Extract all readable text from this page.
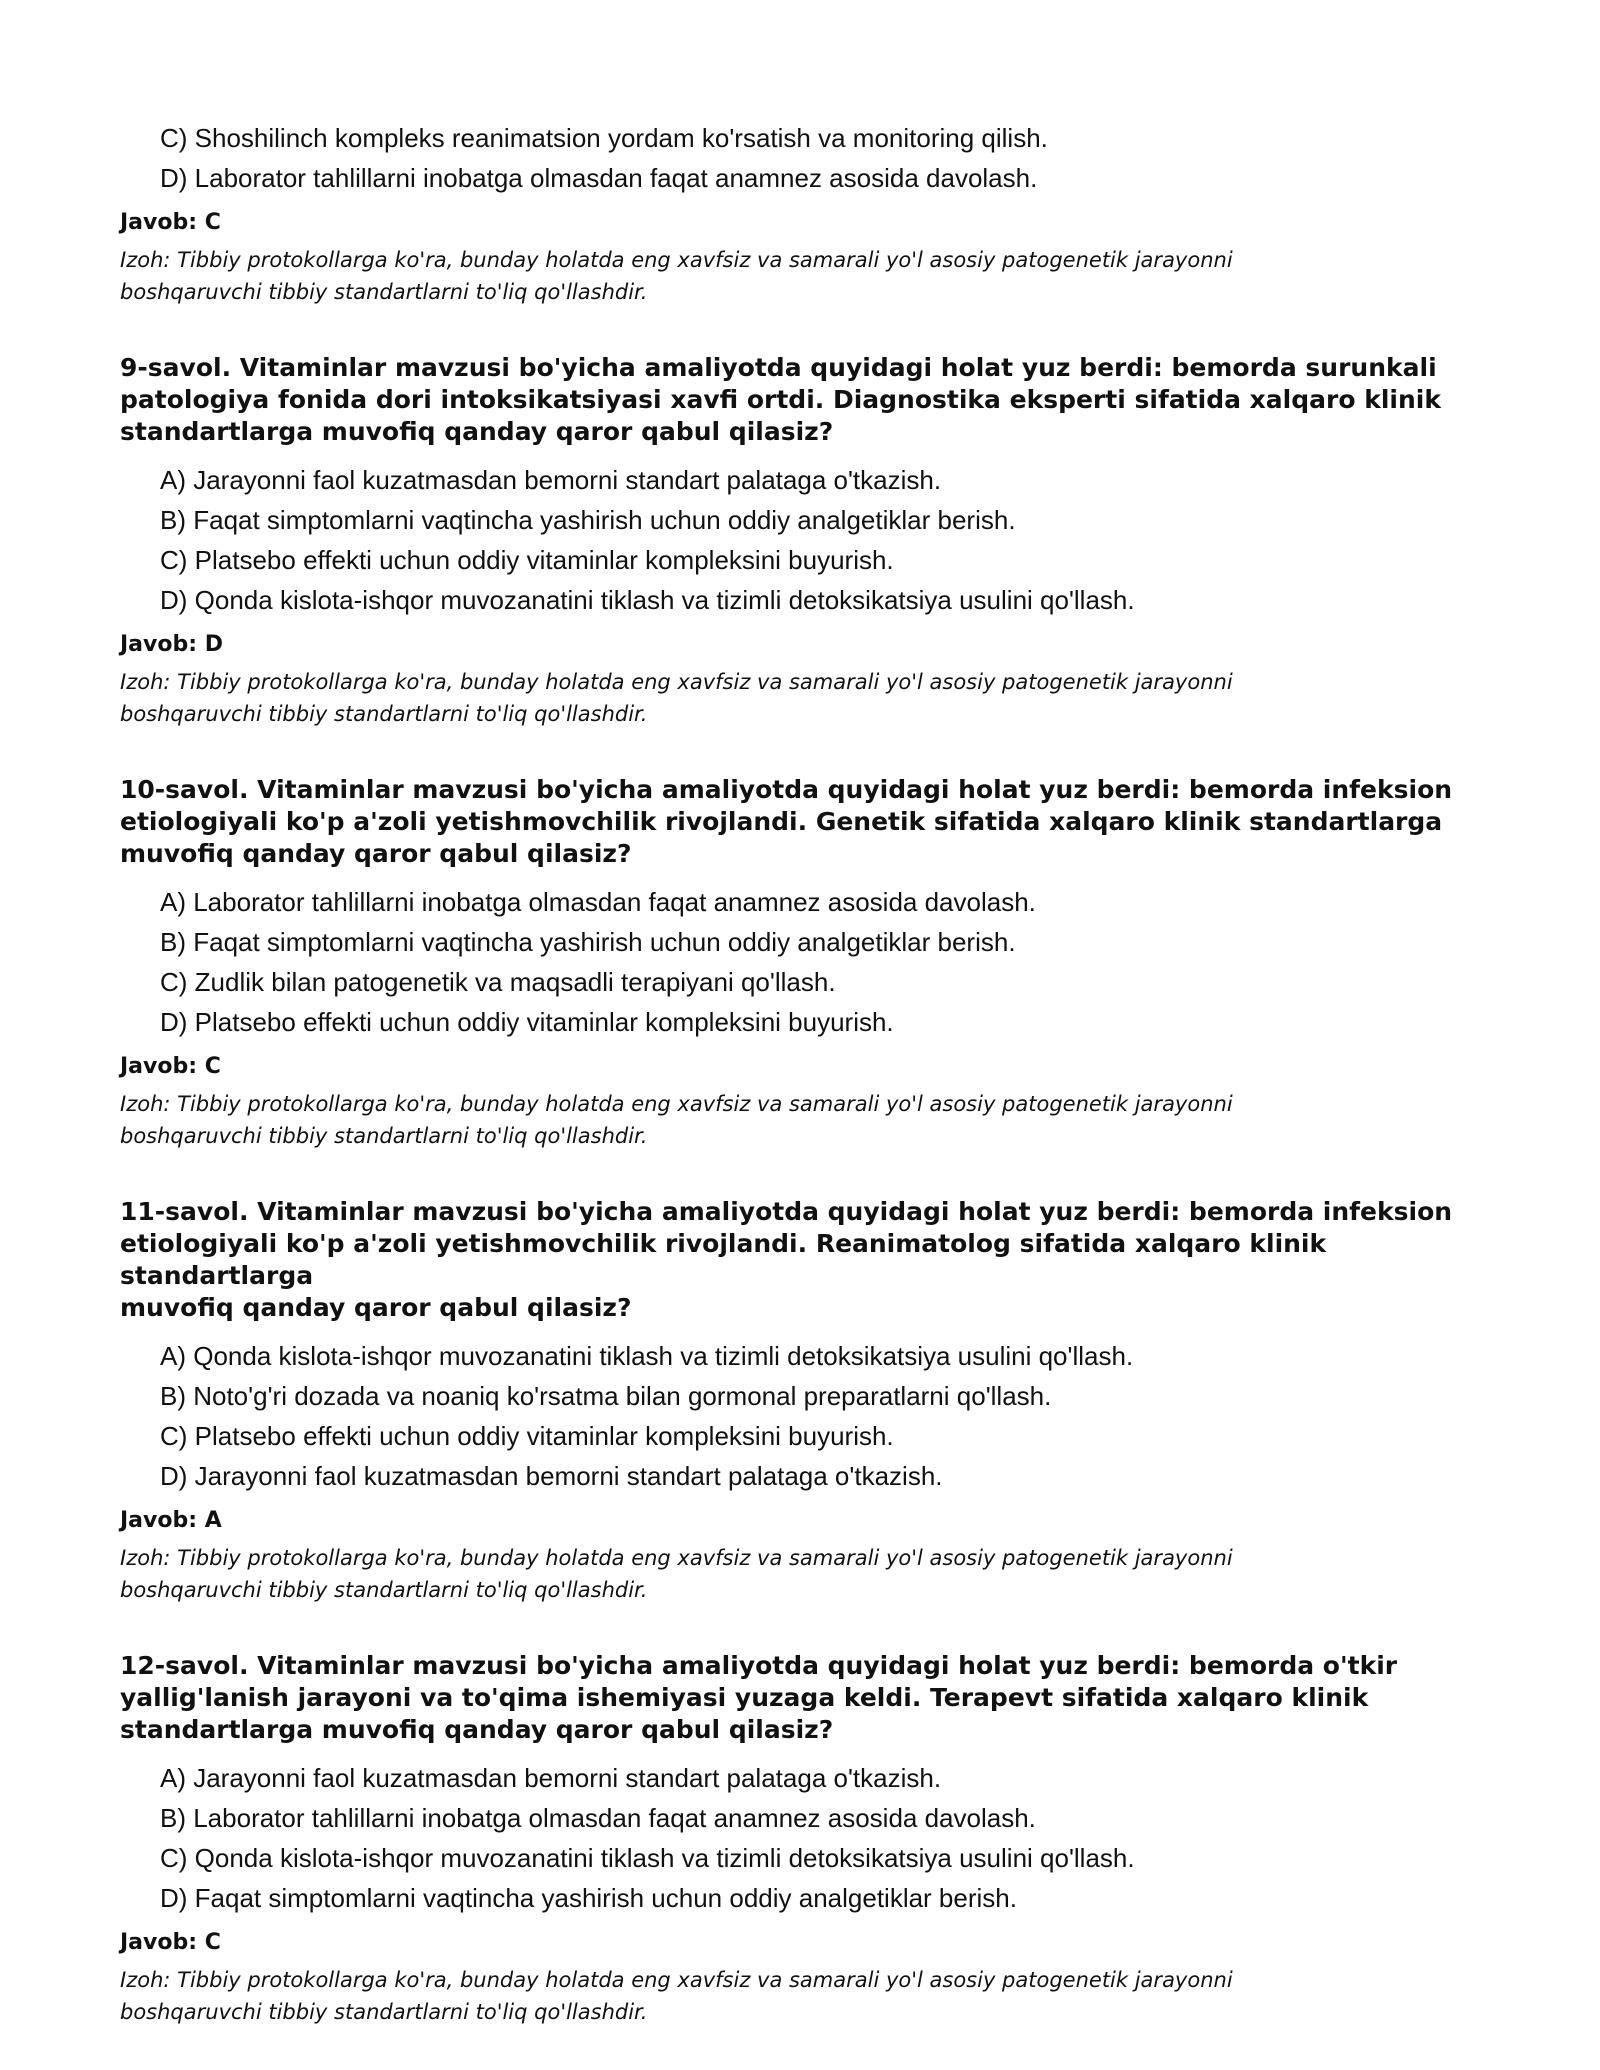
C) Shoshilinch kompleks reanimatsion yordam ko'rsatish va monitoring qilish.

D) Laborator tahlillarni inobatga olmasdan faqat anamnez asosida davolash.

Javob: C

Izoh: Tibbiy protokollarga ko'ra, bunday holatda eng xavfsiz va samarali yo'l asosiy patogenetik jarayonni
boshqaruvchi tibbiy standartlarni to'liq qo'llashdir.

9-savol. Vitaminlar mavzusi bo'yicha amaliyotda quyidagi holat yuz berdi: bemorda surunkali
patologiya fonida dori intoksikatsiyasi xavfi ortdi. Diagnostika eksperti sifatida xalqaro klinik
standartlarga muvofiq qanday qaror qabul qilasiz?

A) Jarayonni faol kuzatmasdan bemorni standart palataga o'tkazish.

B) Faqat simptomlarni vaqtincha yashirish uchun oddiy analgetiklar berish.

C) Platsebo effekti uchun oddiy vitaminlar kompleksini buyurish.

D) Qonda kislota-ishqor muvozanatini tiklash va tizimli detoksikatsiya usulini qo'llash.

Javob: D

Izoh: Tibbiy protokollarga ko'ra, bunday holatda eng xavfsiz va samarali yo'l asosiy patogenetik jarayonni
boshqaruvchi tibbiy standartlarni to'liq qo'llashdir.

10-savol. Vitaminlar mavzusi bo'yicha amaliyotda quyidagi holat yuz berdi: bemorda infeksion
etiologiyali ko'p a'zoli yetishmovchilik rivojlandi. Genetik sifatida xalqaro klinik standartlarga
muvofiq qanday qaror qabul qilasiz?

A) Laborator tahlillarni inobatga olmasdan faqat anamnez asosida davolash.

B) Faqat simptomlarni vaqtincha yashirish uchun oddiy analgetiklar berish.

C) Zudlik bilan patogenetik va maqsadli terapiyani qo'llash.

D) Platsebo effekti uchun oddiy vitaminlar kompleksini buyurish.

Javob: C

Izoh: Tibbiy protokollarga ko'ra, bunday holatda eng xavfsiz va samarali yo'l asosiy patogenetik jarayonni
boshqaruvchi tibbiy standartlarni to'liq qo'llashdir.

11-savol. Vitaminlar mavzusi bo'yicha amaliyotda quyidagi holat yuz berdi: bemorda infeksion
etiologiyali ko'p a'zoli yetishmovchilik rivojlandi. Reanimatolog sifatida xalqaro klinik standartlarga
muvofiq qanday qaror qabul qilasiz?

A) Qonda kislota-ishqor muvozanatini tiklash va tizimli detoksikatsiya usulini qo'llash.

B) Noto'g'ri dozada va noaniq ko'rsatma bilan gormonal preparatlarni qo'llash.

C) Platsebo effekti uchun oddiy vitaminlar kompleksini buyurish.

D) Jarayonni faol kuzatmasdan bemorni standart palataga o'tkazish.

Javob: A

Izoh: Tibbiy protokollarga ko'ra, bunday holatda eng xavfsiz va samarali yo'l asosiy patogenetik jarayonni
boshqaruvchi tibbiy standartlarni to'liq qo'llashdir.

12-savol. Vitaminlar mavzusi bo'yicha amaliyotda quyidagi holat yuz berdi: bemorda o'tkir
yallig'lanish jarayoni va to'qima ishemiyasi yuzaga keldi. Terapevt sifatida xalqaro klinik
standartlarga muvofiq qanday qaror qabul qilasiz?

A) Jarayonni faol kuzatmasdan bemorni standart palataga o'tkazish.

B) Laborator tahlillarni inobatga olmasdan faqat anamnez asosida davolash.

C) Qonda kislota-ishqor muvozanatini tiklash va tizimli detoksikatsiya usulini qo'llash.

D) Faqat simptomlarni vaqtincha yashirish uchun oddiy analgetiklar berish.

Javob: C

Izoh: Tibbiy protokollarga ko'ra, bunday holatda eng xavfsiz va samarali yo'l asosiy patogenetik jarayonni
boshqaruvchi tibbiy standartlarni to'liq qo'llashdir.
